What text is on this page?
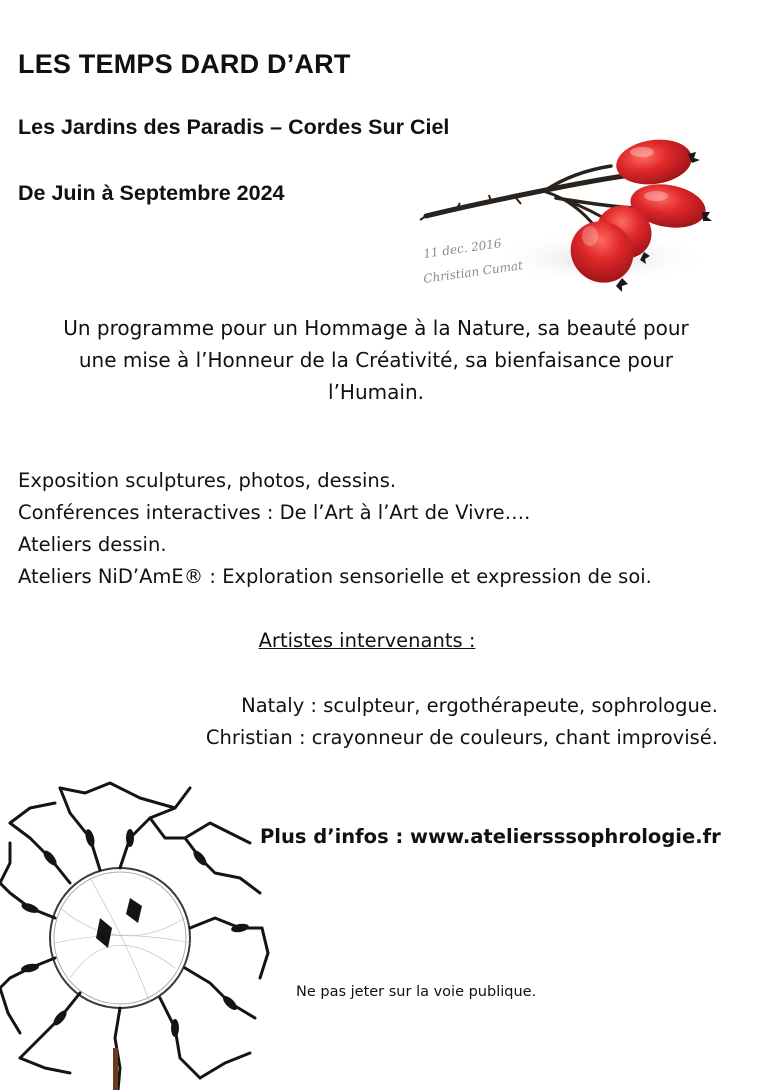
LES TEMPS DARD D’ART
Les Jardins des Paradis – Cordes Sur Ciel
De Juin à Septembre 2024
11 dec. 2016
Christian Cumat
Un programme pour un Hommage à la Nature, sa beauté pour
une mise à l’Honneur de la Créativité, sa bienfaisance pour
l’Humain.
Exposition sculptures, photos, dessins.
Conférences interactives : De l’Art à l’Art de Vivre….
Ateliers dessin.
Ateliers NiD’AmE® : Exploration sensorielle et expression de soi.
Artistes intervenants :
Nataly : sculpteur, ergothérapeute, sophrologue.
Christian : crayonneur de couleurs, chant improvisé.

Plus d’infos : www.ateliersssophrologie.fr

Ne pas jeter sur la voie publique.
